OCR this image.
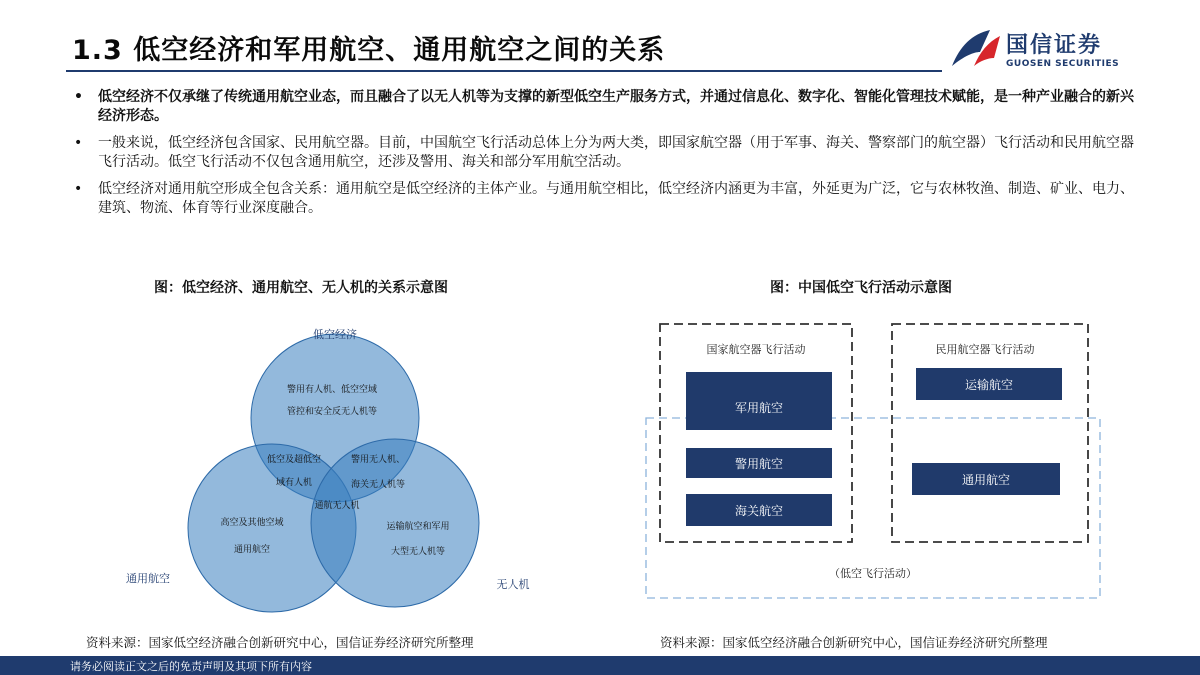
1.3 低空经济和军用航空、通用航空之间的关系	国信证券
GUOSEN SECURITIES
• 低空经济不仅承继了传统通用航空业态，而且融合了以无人机等为支撑的新型低空生产服务方式，并通过信息化、数字化、智能化管理技术赋能，是一种产业融合的新兴经济形态。
• 一般来说，低空经济包含国家、民用航空器。目前，中国航空飞行活动总体上分为两大类，即国家航空器（用于军事、海关、警察部门的航空器）飞行活动和民用航空器飞行活动。低空飞行活动不仅包含通用航空，还涉及警用、海关和部分军用航空活动。
• 低空经济对通用航空形成全包含关系：通用航空是低空经济的主体产业。与通用航空相比，低空经济内涵更为丰富，外延更为广泛，它与农林牧渔、制造、矿业、电力、建筑、物流、体育等行业深度融合。
图：低空经济、通用航空、无人机的关系示意图
低空经济
通用航空	无人机
警用有人机、低空空域
管控和安全反无人机等
低空及超低空
域有人机
警用无人机、
海关无人机等
通航无人机
高空及其他空域
通用航空
运输航空和军用
大型无人机等
资料来源：国家低空经济融合创新研究中心，国信证券经济研究所整理
图：中国低空飞行活动示意图
国家航空器飞行活动	民用航空器飞行活动
军用航空
警用航空
海关航空
运输航空
通用航空
（低空飞行活动）
资料来源：国家低空经济融合创新研究中心，国信证券经济研究所整理
请务必阅读正文之后的免责声明及其项下所有内容
